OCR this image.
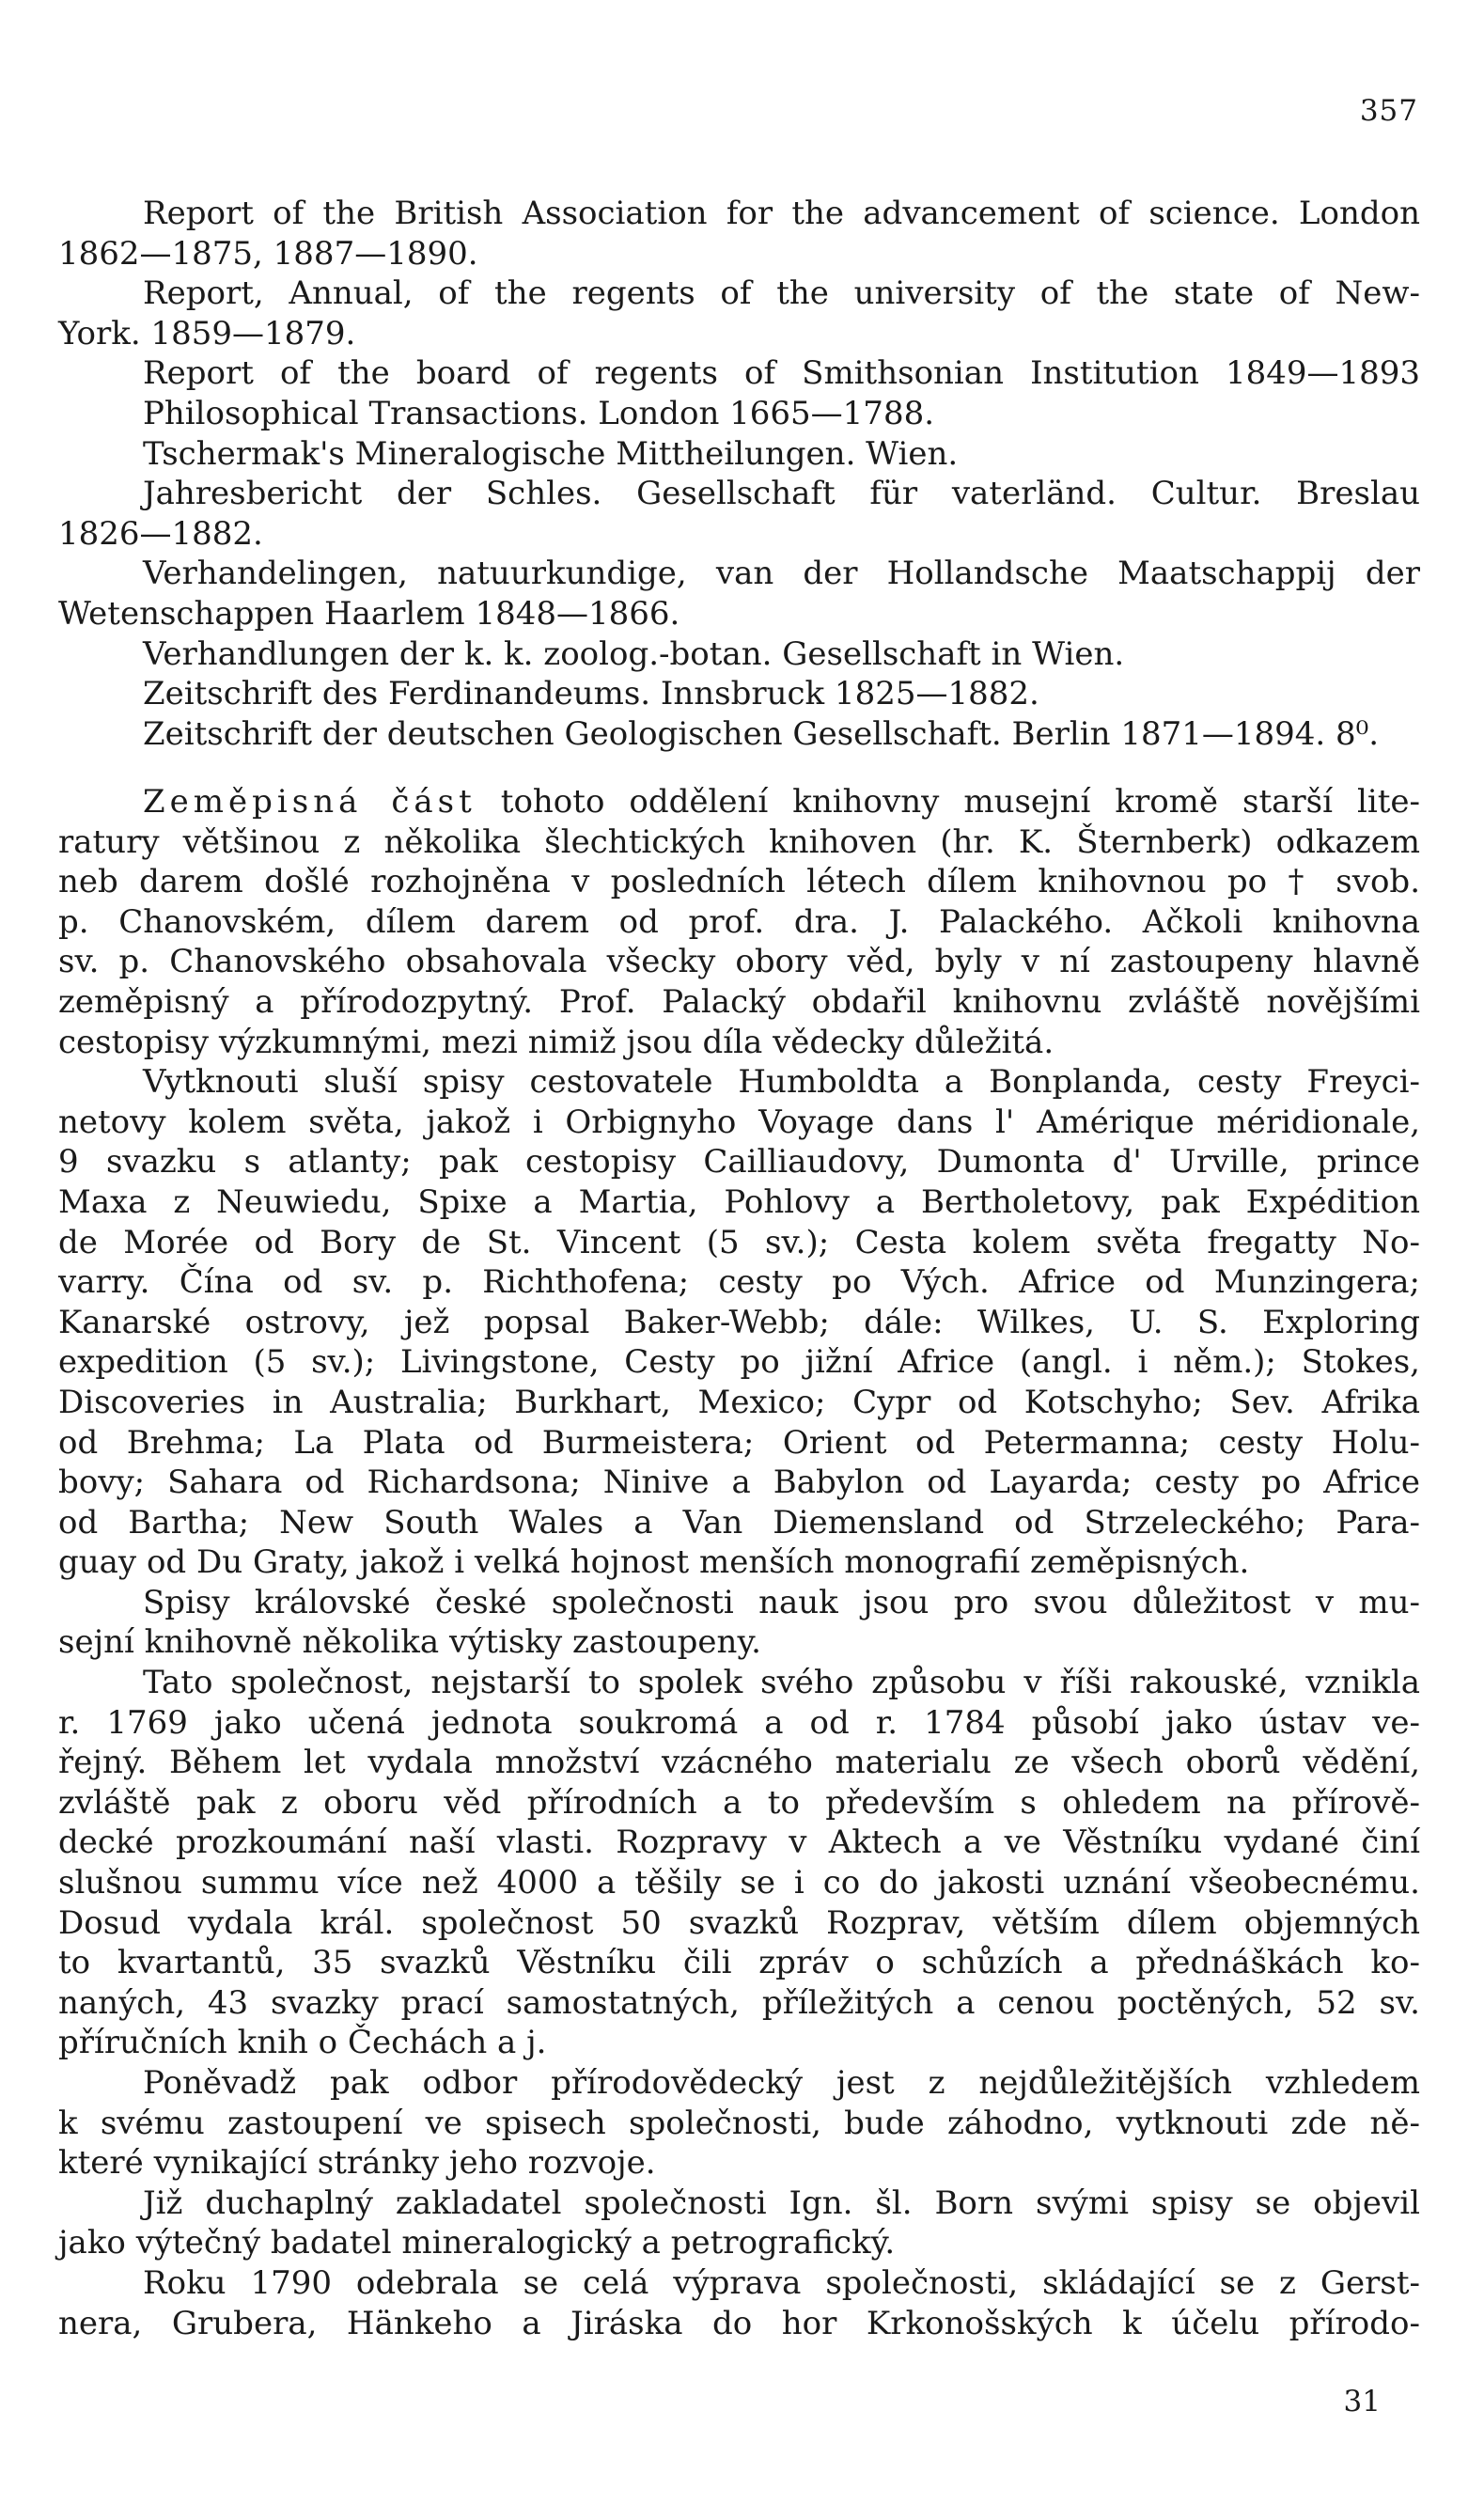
357
Report of the British Association for the advancement of science. London
1862—1875, 1887—1890.
Report, Annual, of the regents of the university of the state of New-
York. 1859—1879.
Report of the board of regents of Smithsonian Institution 1849—1893
Philosophical Transactions. London 1665—1788.
Tschermak's Mineralogische Mittheilungen. Wien.
Jahresbericht der Schles. Gesellschaft für vaterländ. Cultur. Breslau
1826—1882.
Verhandelingen, natuurkundige, van der Hollandsche Maatschappij der
Wetenschappen Haarlem 1848—1866.
Verhandlungen der k. k. zoolog.-botan. Gesellschaft in Wien.
Zeitschrift des Ferdinandeums. Innsbruck 1825—1882.
Zeitschrift der deutschen Geologischen Gesellschaft. Berlin 1871—1894. 8⁰.
Zeměpisná část tohoto oddělení knihovny musejní kromě starší lite-
ratury většinou z několika šlechtických knihoven (hr. K. Šternberk) odkazem
neb darem došlé rozhojněna v posledních létech dílem knihovnou po † svob.
p. Chanovském, dílem darem od prof. dra. J. Palackého. Ačkoli knihovna
sv. p. Chanovského obsahovala všecky obory věd, byly v ní zastoupeny hlavně
zeměpisný a přírodozpytný. Prof. Palacký obdařil knihovnu zvláště novějšími
cestopisy výzkumnými, mezi nimiž jsou díla vědecky důležitá.
Vytknouti sluší spisy cestovatele Humboldta a Bonplanda, cesty Freyci-
netovy kolem světa, jakož i Orbignyho Voyage dans l' Amérique méridionale,
9 svazku s atlanty; pak cestopisy Cailliaudovy, Dumonta d' Urville, prince
Maxa z Neuwiedu, Spixe a Martia, Pohlovy a Bertholetovy, pak Expédition
de Morée od Bory de St. Vincent (5 sv.); Cesta kolem světa fregatty No-
varry. Čína od sv. p. Richthofena; cesty po Vých. Africe od Munzingera;
Kanarské ostrovy, jež popsal Baker-Webb; dále: Wilkes, U. S. Exploring
expedition (5 sv.); Livingstone, Cesty po jižní Africe (angl. i něm.); Stokes,
Discoveries in Australia; Burkhart, Mexico; Cypr od Kotschyho; Sev. Afrika
od Brehma; La Plata od Burmeistera; Orient od Petermanna; cesty Holu-
bovy; Sahara od Richardsona; Ninive a Babylon od Layarda; cesty po Africe
od Bartha; New South Wales a Van Diemensland od Strzeleckého; Para-
guay od Du Graty, jakož i velká hojnost menších monografií zeměpisných.
Spisy královské české společnosti nauk jsou pro svou důležitost v mu-
sejní knihovně několika výtisky zastoupeny.
Tato společnost, nejstarší to spolek svého způsobu v říši rakouské, vznikla
r. 1769 jako učená jednota soukromá a od r. 1784 působí jako ústav ve-
řejný. Během let vydala množství vzácného materialu ze všech oborů vědění,
zvláště pak z oboru věd přírodních a to především s ohledem na přírově-
decké prozkoumání naší vlasti. Rozpravy v Aktech a ve Věstníku vydané činí
slušnou summu více než 4000 a těšily se i co do jakosti uznání všeobecnému.
Dosud vydala král. společnost 50 svazků Rozprav, větším dílem objemných
to kvartantů, 35 svazků Věstníku čili zpráv o schůzích a přednáškách ko-
naných, 43 svazky prací samostatných, příležitých a cenou poctěných, 52 sv.
příručních knih o Čechách a j.
Poněvadž pak odbor přírodovědecký jest z nejdůležitějších vzhledem
k svému zastoupení ve spisech společnosti, bude záhodno, vytknouti zde ně-
které vynikající stránky jeho rozvoje.
Již duchaplný zakladatel společnosti Ign. šl. Born svými spisy se objevil
jako výtečný badatel mineralogický a petrografický.
Roku 1790 odebrala se celá výprava společnosti, skládající se z Gerst-
nera, Grubera, Hänkeho a Jiráska do hor Krkonošských k účelu přírodo-
31
